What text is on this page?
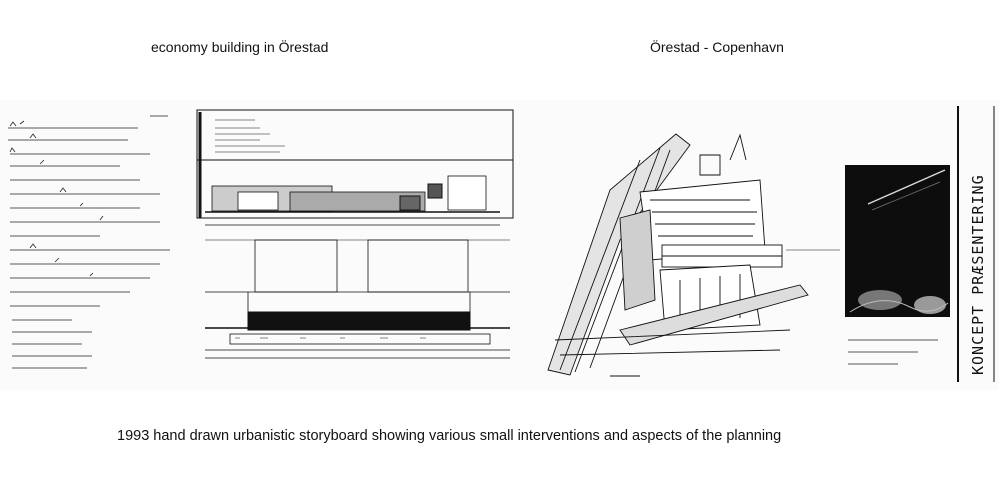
economy building in Örestad	Örestad - Copenhavn
KONCEPT PRÆSENTERING
1993 hand drawn urbanistic storyboard showing various small interventions and aspects of the planning
